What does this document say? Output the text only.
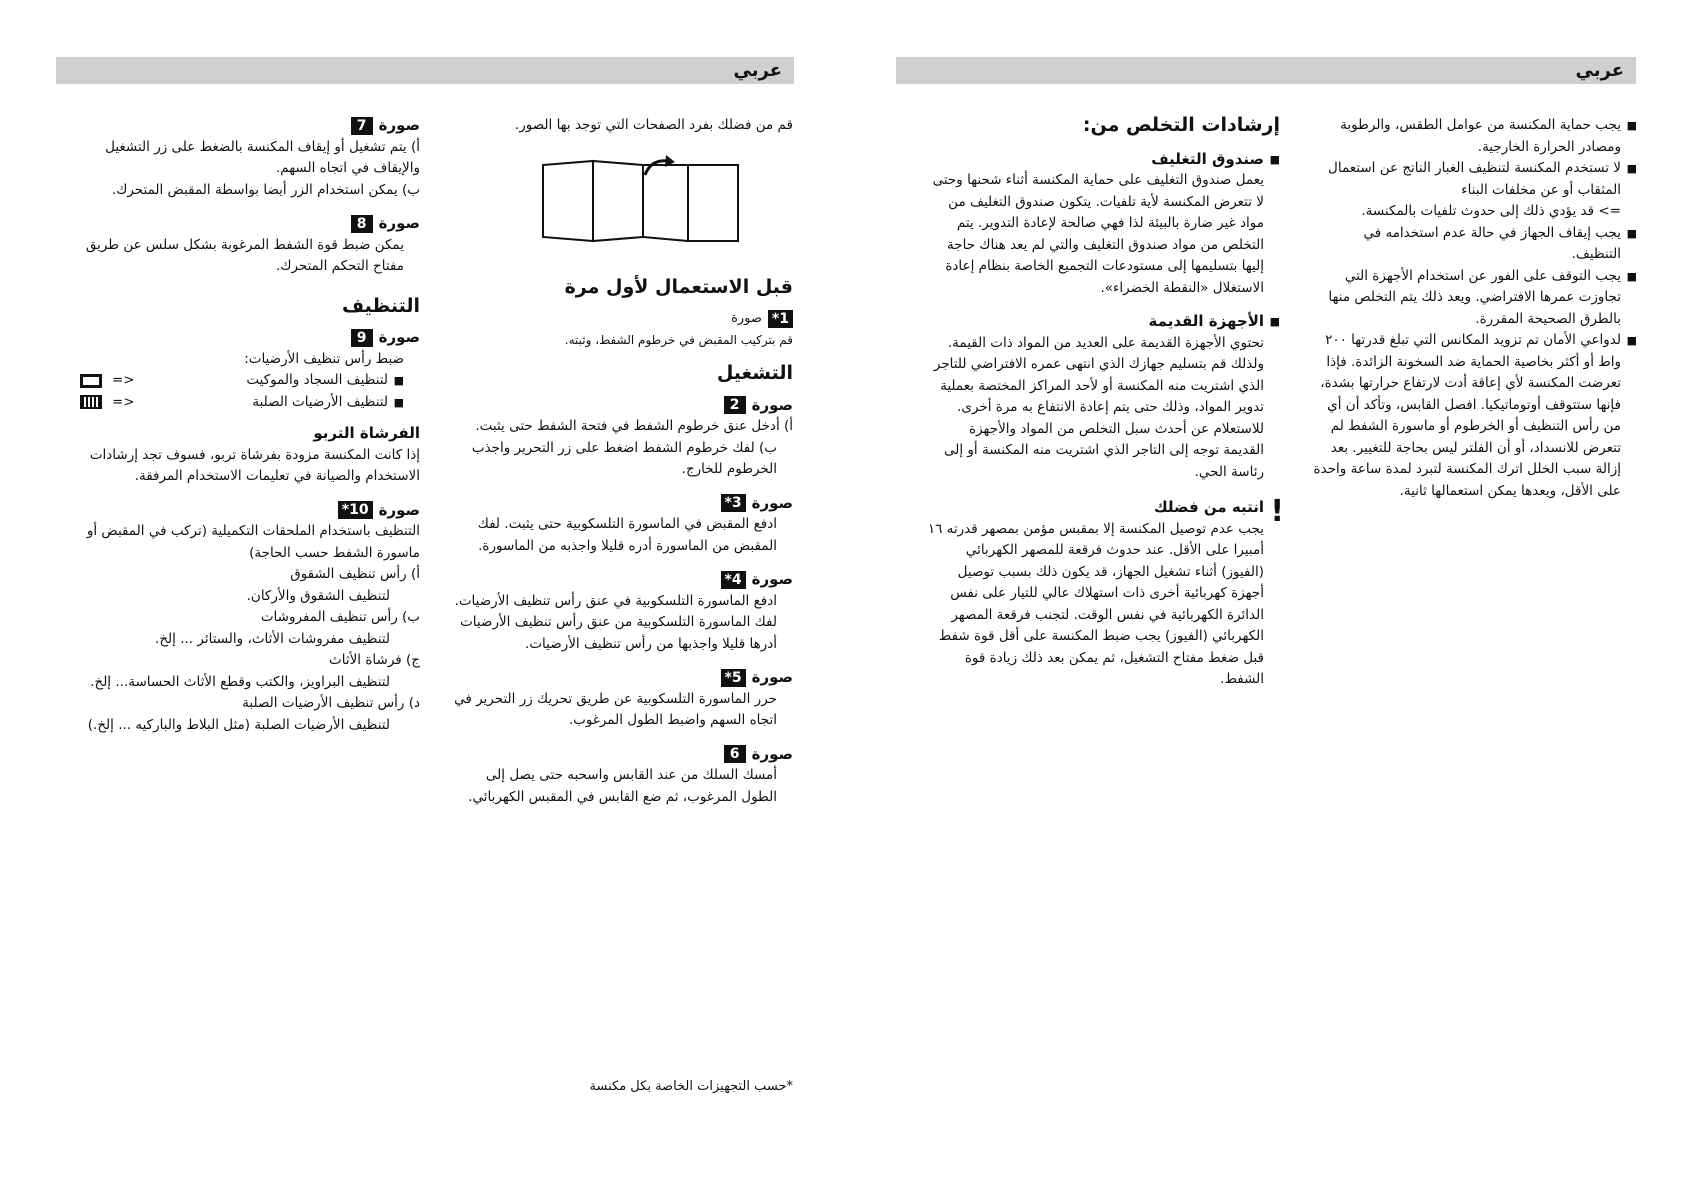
عربي	عربي

■ يجب حماية المكنسة من عوامل الطقس، والرطوبة ومصادر الحرارة الخارجية.

■ لا تستخدم المكنسة لتنظيف الغبار الناتج عن استعمال المثقاب أو عن مخلفات البناء

=> قد يؤدي ذلك إلى حدوث تلفيات بالمكنسة.

■ يجب إيقاف الجهاز في حالة عدم استخدامه في التنظيف.

■ يجب التوقف على الفور عن استخدام الأجهزة التي تجاوزت عمرها الافتراضي. ويعد ذلك يتم التخلص منها بالطرق الصحيحة المقررة.

■ لدواعي الأمان تم تزويد المكانس التي تبلغ قدرتها ٢٠٠ واط أو أكثر بخاصية الحماية ضد السخونة الزائدة. فإذا تعرضت المكنسة لأي إعاقة أدت لارتفاع حرارتها بشدة، فإنها ستتوقف أوتوماتيكيا. افصل القابس، وتأكد أن أي من رأس التنظيف أو الخرطوم أو ماسورة الشفط لم تتعرض للانسداد، أو أن الفلتر ليس بحاجة للتغيير. بعد إزالة سبب الخلل اترك المكنسة لتبرد لمدة ساعة واحدة على الأقل، ويعدها يمكن استعمالها ثانية.

إرشادات التخلص من:

■ صندوق التغليف

يعمل صندوق التغليف على حماية المكنسة أثناء شحنها وحتى لا تتعرض المكنسة لأية تلفيات. يتكون صندوق التغليف من مواد غير ضارة بالبيئة لذا فهي صالحة لإعادة التدوير. يتم التخلص من مواد صندوق التغليف والتي لم يعد هناك حاجة إليها بتسليمها إلى مستودعات التجميع الخاصة بنظام إعادة الاستغلال «النقطة الخضراء».

■ الأجهزة القديمة

تحتوي الأجهزة القديمة على العديد من المواد ذات القيمة.

ولذلك قم بتسليم جهازك الذي انتهى عمره الافتراضي للتاجر الذي اشتريت منه المكنسة أو لأحد المراكز المختصة بعملية تدوير المواد، وذلك حتى يتم إعادة الانتفاع به مرة أخرى.

للاستعلام عن أحدث سبل التخلص من المواد والأجهزة القديمة توجه إلى التاجر الذي اشتريت منه المكنسة أو إلى رئاسة الحي.

!

انتبه من فضلك

يجب عدم توصيل المكنسة إلا بمقبس مؤمن بمصهر قدرته ١٦ أمبيرا على الأقل. عند حدوث فرقعة للمصهر الكهربائي (الفيوز) أثناء تشغيل الجهاز، قد يكون ذلك بسبب توصيل أجهزة كهربائية أخرى ذات استهلاك عالي للتيار على نفس الدائرة الكهربائية في نفس الوقت. لتجنب فرقعة المصهر الكهربائي (الفيوز) يجب ضبط المكنسة على أقل قوة شفط قبل ضغط مفتاح التشغيل، ثم يمكن بعد ذلك زيادة قوة الشفط.

قم من فضلك بفرد الصفحات التي توجد بها الصور.

قبل الاستعمال لأول مرة

1*
صورة

قم بتركيب المقبض في خرطوم الشفط، وثبته.

التشغيل

صورة
2

أ) أدخل عنق خرطوم الشفط في فتحة الشفط حتى يثبت.

ب) لفك خرطوم الشفط اضغط على زر التحرير واجذب الخرطوم للخارج.

صورة
3*

ادفع المقبض في الماسورة التلسكوبية حتى يثبت. لفك المقبض من الماسورة أدره قليلا واجذبه من الماسورة.

صورة
4*

ادفع الماسورة التلسكوبية في عنق رأس تنظيف الأرضيات. لفك الماسورة التلسكوبية من عنق رأس تنظيف الأرضيات أدرها قليلا واجذبها من رأس تنظيف الأرضيات.

صورة
5*

حرر الماسورة التلسكوبية عن طريق تحريك زر التحرير في اتجاه السهم واضبط الطول المرغوب.

صورة
6

أمسك السلك من عند القابس واسحبه حتى يصل إلى الطول المرغوب، ثم ضع القابس في المقبس الكهربائي.

*حسب التجهيزات الخاصة بكل مكنسة

صورة
7

أ) يتم تشغيل أو إيقاف المكنسة بالضغط على زر التشغيل والإيقاف في اتجاه السهم.

ب) يمكن استخدام الزر أيضا بواسطة المقبض المتحرك.

صورة
8

يمكن ضبط قوة الشفط المرغوبة بشكل سلس عن طريق مفتاح التحكم المتحرك.

التنظيف

صورة
9

ضبط رأس تنظيف الأرضيات:

■ لتنظيف السجاد والموكيت
=>
■ لتنظيف الأرضيات الصلبة
=>

الفرشاة التربو

إذا كانت المكنسة مزودة بفرشاة تربو، فسوف تجد إرشادات الاستخدام والصيانة في تعليمات الاستخدام المرفقة.

صورة
10*

التنظيف باستخدام الملحقات التكميلية (تركب في المقبض أو ماسورة الشفط حسب الحاجة)

أ) رأس تنظيف الشقوق

لتنظيف الشقوق والأركان.

ب) رأس تنظيف المفروشات

لتنظيف مفروشات الأثاث، والستائر ... إلخ.

ج) فرشاة الأثاث

لتنظيف البراويز، والكتب وقطع الأثاث الحساسة... إلخ.

د) رأس تنظيف الأرضيات الصلبة

لتنظيف الأرضيات الصلبة (مثل البلاط والباركيه ... إلخ.)
